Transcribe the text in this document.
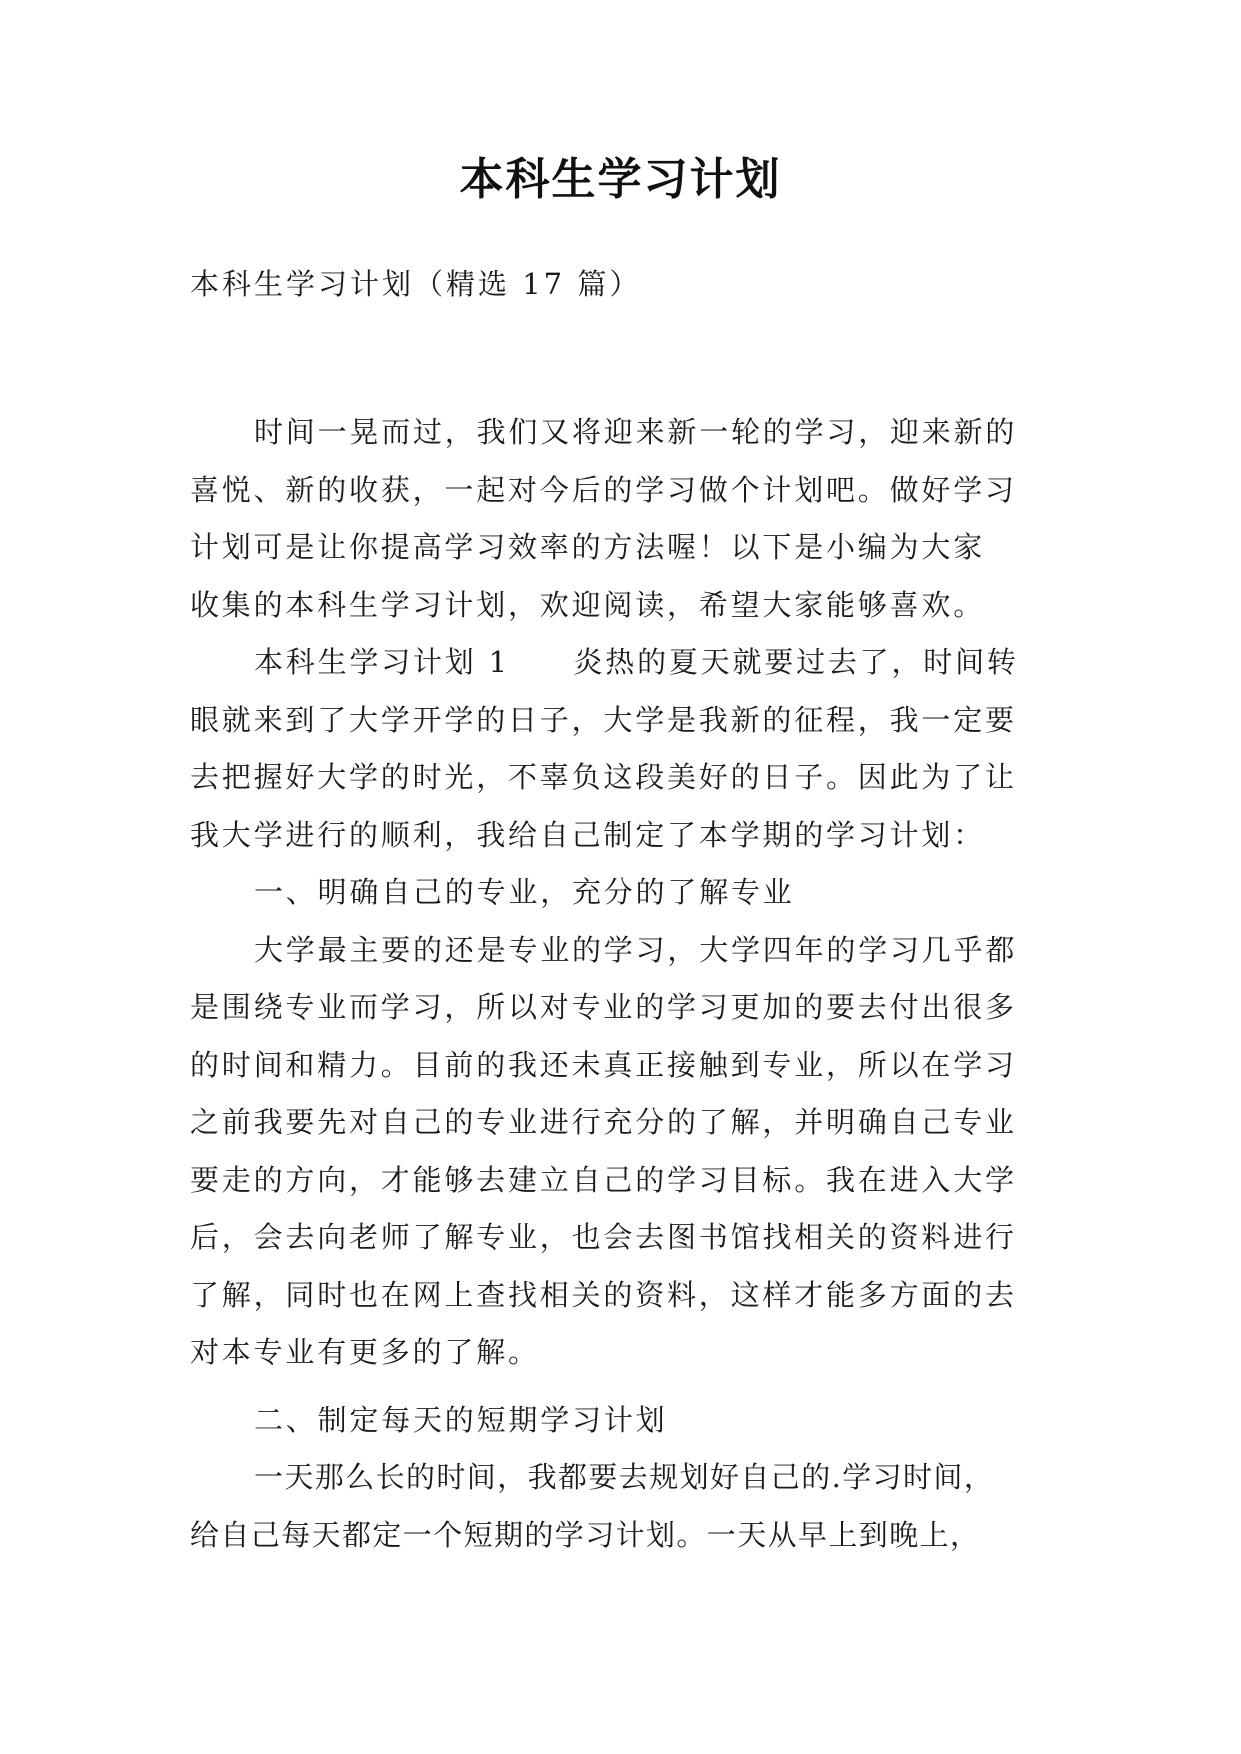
本科生学习计划
本科生学习计划（精选 17 篇）
时间一晃而过，我们又将迎来新一轮的学习，迎来新的
喜悦、新的收获，一起对今后的学习做个计划吧。做好学习
计划可是让你提高学习效率的方法喔！以下是小编为大家
收集的本科生学习计划，欢迎阅读，希望大家能够喜欢。
本科生学习计划 1　　炎热的夏天就要过去了，时间转
眼就来到了大学开学的日子，大学是我新的征程，我一定要
去把握好大学的时光，不辜负这段美好的日子。因此为了让
我大学进行的顺利，我给自己制定了本学期的学习计划：
一、明确自己的专业，充分的了解专业
大学最主要的还是专业的学习，大学四年的学习几乎都
是围绕专业而学习，所以对专业的学习更加的要去付出很多
的时间和精力。目前的我还未真正接触到专业，所以在学习
之前我要先对自己的专业进行充分的了解，并明确自己专业
要走的方向，才能够去建立自己的学习目标。我在进入大学
后，会去向老师了解专业，也会去图书馆找相关的资料进行
了解，同时也在网上查找相关的资料，这样才能多方面的去
对本专业有更多的了解。
二、制定每天的短期学习计划
一天那么长的时间，我都要去规划好自己的.学习时间，
给自己每天都定一个短期的学习计划。一天从早上到晚上，
